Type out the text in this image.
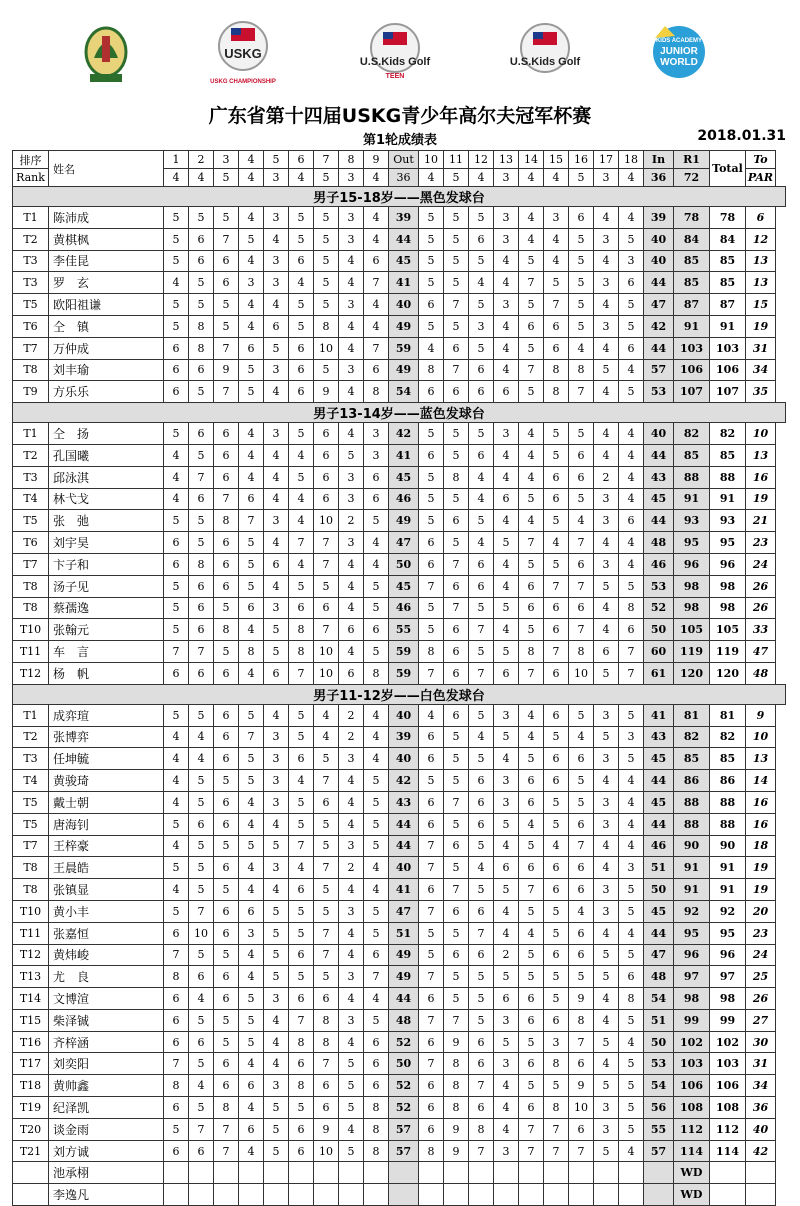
USKG
USKG CHAMPIONSHIP
U.S.Kids Golf
TEEN
U.S.Kids Golf
KIDS ACADEMY
JUNIOR
WORLD
广东省第十四届USKG青少年高尔夫冠军杯赛
第1轮成绩表	2018.01.31
排序	姓名	1	2	3	4	5	6	7	8	9	Out	10	11	12	13	14	15	16	17	18	In	R1	Total	To
Rank		4	4	5	4	3	4	5	3	4	36	4	5	4	3	4	4	5	3	4	36	72		PAR
男子15-18岁——黑色发球台																								
T1	陈沛成	5	5	5	4	3	5	5	3	4	39	5	5	5	3	4	3	6	4	4	39	78	78	6
T2	黄棋枫	5	6	7	5	4	5	5	3	4	44	5	5	6	3	4	4	5	3	5	40	84	84	12
T3	李佳昆	5	6	6	4	3	6	5	4	6	45	5	5	5	4	5	4	5	4	3	40	85	85	13
T3	罗　玄	4	5	6	3	3	4	5	4	7	41	5	5	4	4	7	5	5	3	6	44	85	85	13
T5	欧阳祖谦	5	5	5	4	4	5	5	3	4	40	6	7	5	3	5	7	5	4	5	47	87	87	15
T6	仝　镇	5	8	5	4	6	5	8	4	4	49	5	5	3	4	6	6	5	3	5	42	91	91	19
T7	万仲成	6	8	7	6	5	6	10	4	7	59	4	6	5	4	5	6	4	4	6	44	103	103	31
T8	刘丰瑜	6	6	9	5	3	6	5	3	6	49	8	7	6	4	7	8	8	5	4	57	106	106	34
T9	方乐乐	6	5	7	5	4	6	9	4	8	54	6	6	6	6	5	8	7	4	5	53	107	107	35
男子13-14岁——蓝色发球台																								
T1	仝　扬	5	6	6	4	3	5	6	4	3	42	5	5	5	3	4	5	5	4	4	40	82	82	10
T2	孔国曦	4	5	6	4	4	4	6	5	3	41	6	5	6	4	4	5	6	4	4	44	85	85	13
T3	邱泳淇	4	7	6	4	4	5	6	3	6	45	5	8	4	4	4	6	6	2	4	43	88	88	16
T4	林弋戈	4	6	7	6	4	4	6	3	6	46	5	5	4	6	5	6	5	3	4	45	91	91	19
T5	张　弛	5	5	8	7	3	4	10	2	5	49	5	6	5	4	4	5	4	3	6	44	93	93	21
T6	刘宇昊	6	5	6	5	4	7	7	3	4	47	6	5	4	5	7	4	7	4	4	48	95	95	23
T7	卞子和	6	8	6	5	6	4	7	4	4	50	6	7	6	4	5	5	6	3	4	46	96	96	24
T8	汤子见	5	6	6	5	4	5	5	4	5	45	7	6	6	4	6	7	7	5	5	53	98	98	26
T8	蔡孺逸	5	6	5	6	3	6	6	4	5	46	5	7	5	5	6	6	6	4	8	52	98	98	26
T10	张翰元	5	6	8	4	5	8	7	6	6	55	5	6	7	4	5	6	7	4	6	50	105	105	33
T11	车　言	7	7	5	8	5	8	10	4	5	59	8	6	5	5	8	7	8	6	7	60	119	119	47
T12	杨　帆	6	6	6	4	6	7	10	6	8	59	7	6	7	6	7	6	10	5	7	61	120	120	48
男子11-12岁——白色发球台																								
T1	成弈瑄	5	5	6	5	4	5	4	2	4	40	4	6	5	3	4	6	5	3	5	41	81	81	9
T2	张博弈	4	4	6	7	3	5	4	2	4	39	6	5	4	5	4	5	4	5	3	43	82	82	10
T3	任坤毓	4	4	6	5	3	6	5	3	4	40	6	5	5	4	5	6	6	3	5	45	85	85	13
T4	黄骏琦	4	5	5	5	3	4	7	4	5	42	5	5	6	3	6	6	5	4	4	44	86	86	14
T5	戴士朝	4	5	6	4	3	5	6	4	5	43	6	7	6	3	6	5	5	3	4	45	88	88	16
T5	唐海钊	5	6	6	4	4	5	5	4	5	44	6	5	6	5	4	5	6	3	4	44	88	88	16
T7	王梓豪	4	5	5	5	5	7	5	3	5	44	7	6	5	4	5	4	7	4	4	46	90	90	18
T8	王晨皓	5	5	6	4	3	4	7	2	4	40	7	5	4	6	6	6	6	4	3	51	91	91	19
T8	张镇显	4	5	5	4	4	6	5	4	4	41	6	7	5	5	7	6	6	3	5	50	91	91	19
T10	黄小丰	5	7	6	6	5	5	5	3	5	47	7	6	6	4	5	5	4	3	5	45	92	92	20
T11	张嘉恒	6	10	6	3	5	5	7	4	5	51	5	5	7	4	4	5	6	4	4	44	95	95	23
T12	黄炜峻	7	5	5	4	5	6	7	4	6	49	5	6	6	2	5	6	6	5	5	47	96	96	24
T13	尤　良	8	6	6	4	5	5	5	3	7	49	7	5	5	5	5	5	5	5	6	48	97	97	25
T14	文博渲	6	4	6	5	3	6	6	4	4	44	6	5	5	6	6	5	9	4	8	54	98	98	26
T15	柴泽铖	6	5	5	5	4	7	8	3	5	48	7	7	5	3	6	6	8	4	5	51	99	99	27
T16	齐梓涵	6	6	5	5	4	8	8	4	6	52	6	9	6	5	5	3	7	5	4	50	102	102	30
T17	刘奕阳	7	5	6	4	4	6	7	5	6	50	7	8	6	3	6	8	6	4	5	53	103	103	31
T18	黄帅鑫	8	4	6	6	3	8	6	5	6	52	6	8	7	4	5	5	9	5	5	54	106	106	34
T19	纪泽凯	6	5	8	4	5	5	6	5	8	52	6	8	6	4	6	8	10	3	5	56	108	108	36
T20	谈金雨	5	7	7	6	5	6	9	4	8	57	6	9	8	4	7	7	6	3	5	55	112	112	40
T21	刘方诚	6	6	7	4	5	6	10	5	8	57	8	9	7	3	7	7	7	5	4	57	114	114	42
	池承栩																					WD		
	李逸凡																					WD		
